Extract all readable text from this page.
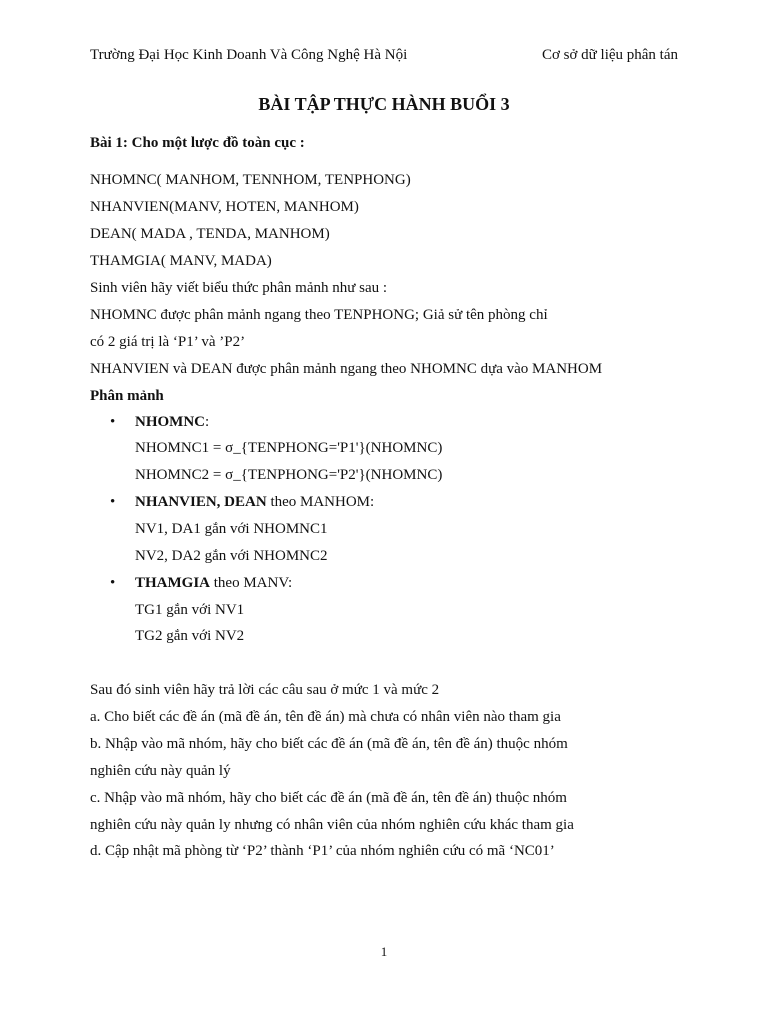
Trường Đại Học Kinh Doanh Và Công Nghệ Hà Nội	Cơ sở dữ liệu phân tán
BÀI TẬP THỰC HÀNH BUỔI 3
Bài 1: Cho một lược đồ toàn cục :
NHOMNC( MANHOM, TENNHOM, TENPHONG)
NHANVIEN(MANV, HOTEN, MANHOM)
DEAN( MADA , TENDA, MANHOM)
THAMGIA( MANV, MADA)
Sinh viên hãy viết biểu thức phân mảnh như sau :
NHOMNC được phân mảnh ngang theo TENPHONG; Giả sử tên phòng chỉ
có 2 giá trị là ‘P1’ và ’P2’
NHANVIEN và DEAN được phân mảnh ngang theo NHOMNC dựa vào MANHOM
Phân mảnh
• NHOMNC:
NHOMNC1 = σ_{TENPHONG='P1'}(NHOMNC)
NHOMNC2 = σ_{TENPHONG='P2'}(NHOMNC)
• NHANVIEN, DEAN theo MANHOM:
NV1, DA1 gắn với NHOMNC1
NV2, DA2 gắn với NHOMNC2
• THAMGIA theo MANV:
TG1 gắn với NV1
TG2 gắn với NV2
Sau đó sinh viên hãy trả lời các câu sau ở mức 1 và mức 2
a. Cho biết các đề án (mã đề án, tên đề án) mà chưa có nhân viên nào tham gia
b. Nhập vào mã nhóm, hãy cho biết các đề án (mã đề án, tên đề án) thuộc nhóm
nghiên cứu này quản lý
c. Nhập vào mã nhóm, hãy cho biết các đề án (mã đề án, tên đề án) thuộc nhóm
nghiên cứu này quản ly nhưng có nhân viên của nhóm nghiên cứu khác tham gia
d. Cập nhật mã phòng từ ‘P2’ thành ‘P1’ của nhóm nghiên cứu có mã ‘NC01’
1
